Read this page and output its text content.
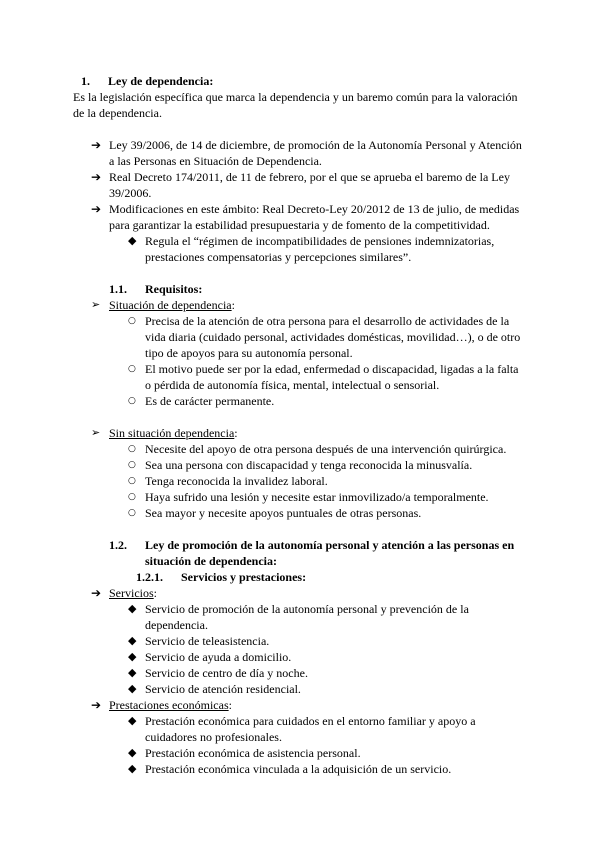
1. Ley de dependencia:
Es la legislación específica que marca la dependencia y un baremo común para la valoración
de la dependencia.
➔ Ley 39/2006, de 14 de diciembre, de promoción de la Autonomía Personal y Atención
a las Personas en Situación de Dependencia.
➔ Real Decreto 174/2011, de 11 de febrero, por el que se aprueba el baremo de la Ley
39/2006.
➔ Modificaciones en este ámbito: Real Decreto-Ley 20/2012 de 13 de julio, de medidas
para garantizar la estabilidad presupuestaria y de fomento de la competitividad.
◆ Regula el “régimen de incompatibilidades de pensiones indemnizatorias,
prestaciones compensatorias y percepciones similares”.
1.1. Requisitos:
➢ Situación de dependencia:
○ Precisa de la atención de otra persona para el desarrollo de actividades de la
vida diaria (cuidado personal, actividades domésticas, movilidad…), o de otro
tipo de apoyos para su autonomía personal.
○ El motivo puede ser por la edad, enfermedad o discapacidad, ligadas a la falta
o pérdida de autonomía física, mental, intelectual o sensorial.
○ Es de carácter permanente.
➢ Sin situación dependencia:
○ Necesite del apoyo de otra persona después de una intervención quirúrgica.
○ Sea una persona con discapacidad y tenga reconocida la minusvalía.
○ Tenga reconocida la invalidez laboral.
○ Haya sufrido una lesión y necesite estar inmovilizado/a temporalmente.
○ Sea mayor y necesite apoyos puntuales de otras personas.
1.2. Ley de promoción de la autonomía personal y atención a las personas en
situación de dependencia:
1.2.1. Servicios y prestaciones:
➔ Servicios:
◆ Servicio de promoción de la autonomía personal y prevención de la
dependencia.
◆ Servicio de teleasistencia.
◆ Servicio de ayuda a domicilio.
◆ Servicio de centro de día y noche.
◆ Servicio de atención residencial.
➔ Prestaciones económicas:
◆ Prestación económica para cuidados en el entorno familiar y apoyo a
cuidadores no profesionales.
◆ Prestación económica de asistencia personal.
◆ Prestación económica vinculada a la adquisición de un servicio.
